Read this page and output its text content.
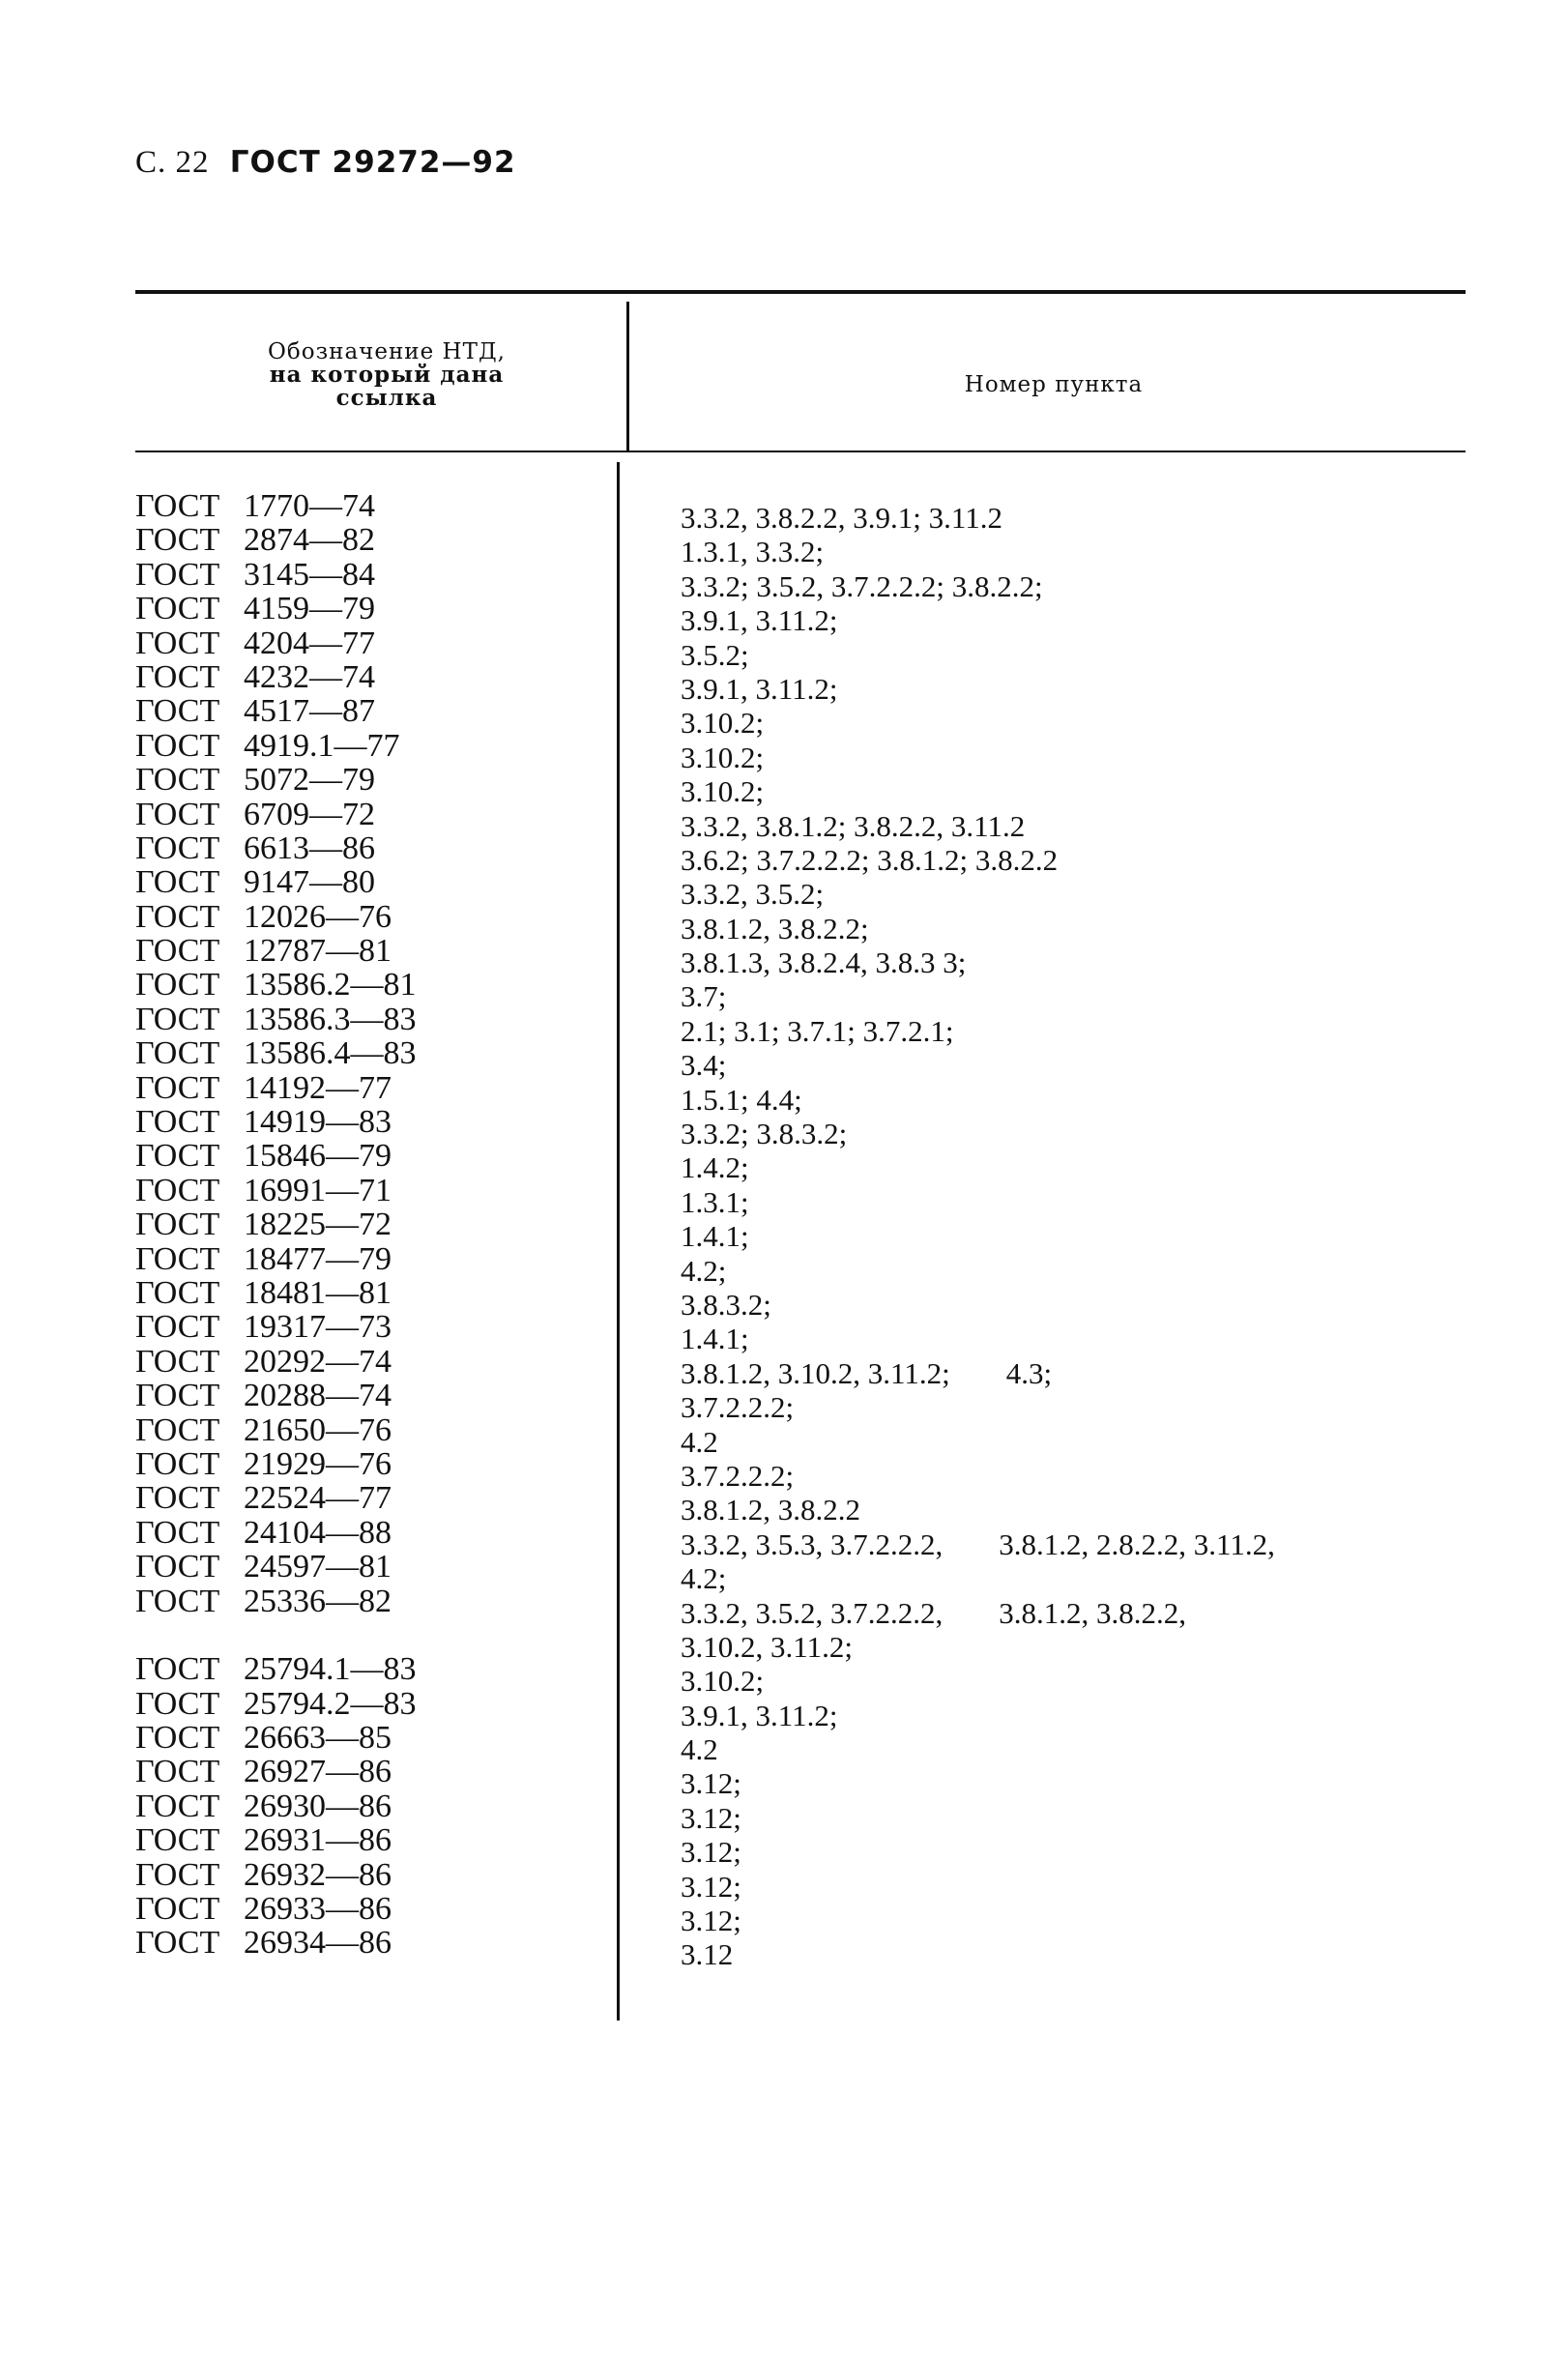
С. 22 ГОСТ 29272—92
Обозначение НТД,
на который дана
ссылка	Номер пункта
ГОСТ 1770—74
ГОСТ 2874—82
ГОСТ 3145—84
ГОСТ 4159—79
ГОСТ 4204—77
ГОСТ 4232—74
ГОСТ 4517—87
ГОСТ 4919.1—77
ГОСТ 5072—79
ГОСТ 6709—72
ГОСТ 6613—86
ГОСТ 9147—80
ГОСТ 12026—76
ГОСТ 12787—81
ГОСТ 13586.2—81
ГОСТ 13586.3—83
ГОСТ 13586.4—83
ГОСТ 14192—77
ГОСТ 14919—83
ГОСТ 15846—79
ГОСТ 16991—71
ГОСТ 18225—72
ГОСТ 18477—79
ГОСТ 18481—81
ГОСТ 19317—73
ГОСТ 20292—74
ГОСТ 20288—74
ГОСТ 21650—76
ГОСТ 21929—76
ГОСТ 22524—77
ГОСТ 24104—88
ГОСТ 24597—81
ГОСТ 25336—82
ГОСТ 25794.1—83
ГОСТ 25794.2—83
ГОСТ 26663—85
ГОСТ 26927—86
ГОСТ 26930—86
ГОСТ 26931—86
ГОСТ 26932—86
ГОСТ 26933—86
ГОСТ 26934—86
3.3.2, 3.8.2.2, 3.9.1; 3.11.2
1.3.1, 3.3.2;
3.3.2; 3.5.2, 3.7.2.2.2; 3.8.2.2;
3.9.1, 3.11.2;
3.5.2;
3.9.1, 3.11.2;
3.10.2;
3.10.2;
3.10.2;
3.3.2, 3.8.1.2; 3.8.2.2, 3.11.2
3.6.2; 3.7.2.2.2; 3.8.1.2; 3.8.2.2
3.3.2, 3.5.2;
3.8.1.2, 3.8.2.2;
3.8.1.3, 3.8.2.4, 3.8.3 3;
3.7;
2.1; 3.1; 3.7.1; 3.7.2.1;
3.4;
1.5.1; 4.4;
3.3.2; 3.8.3.2;
1.4.2;
1.3.1;
1.4.1;
4.2;
3.8.3.2;
1.4.1;
3.8.1.2, 3.10.2, 3.11.2; 4.3;
3.7.2.2.2;
4.2
3.7.2.2.2;
3.8.1.2, 3.8.2.2
3.3.2, 3.5.3, 3.7.2.2.2, 3.8.1.2, 2.8.2.2, 3.11.2,
4.2;
3.3.2, 3.5.2, 3.7.2.2.2, 3.8.1.2, 3.8.2.2,
3.10.2, 3.11.2;
3.10.2;
3.9.1, 3.11.2;
4.2
3.12;
3.12;
3.12;
3.12;
3.12;
3.12
